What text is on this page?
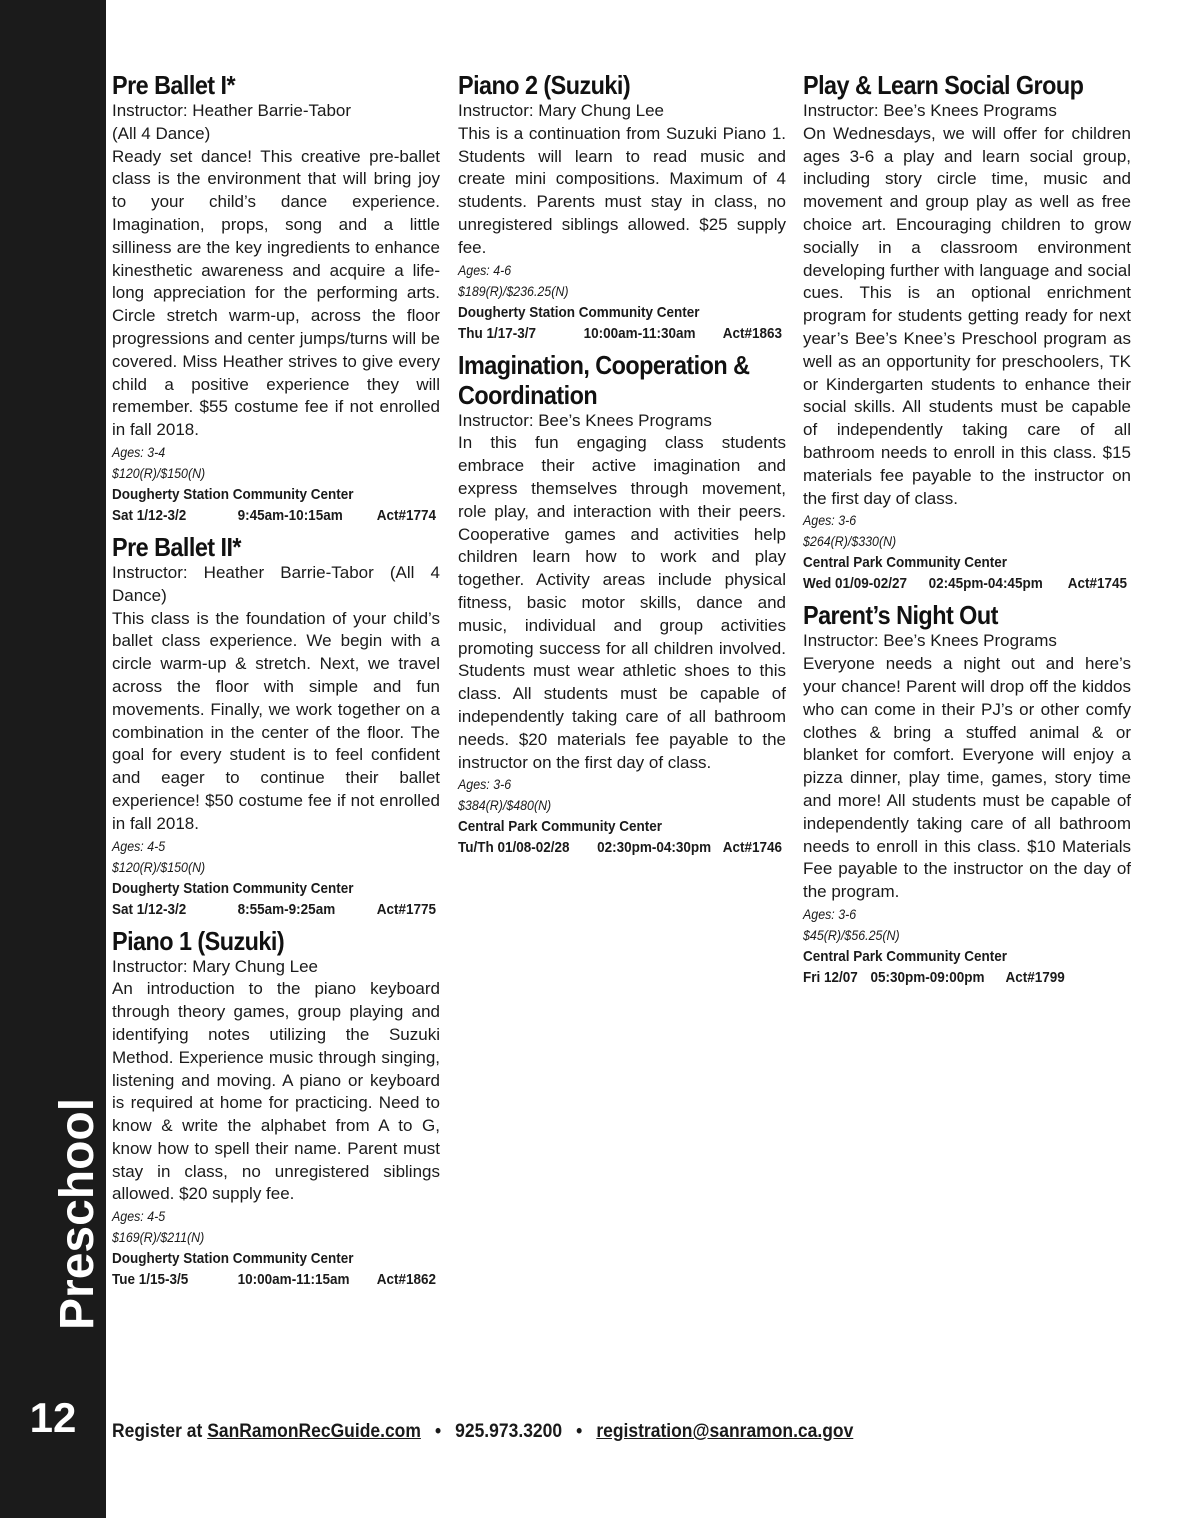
Preschool
12
Pre Ballet I*
Instructor: Heather Barrie-Tabor
(All 4 Dance)

Ready set dance! This creative pre-ballet class is the environment that will bring joy to your child’s dance experience. Imagination, props, song and a little silliness are the key ingredients to enhance kinesthetic awareness and acquire a life-long appreciation for the performing arts. Circle stretch warm-up, across the floor progressions and center jumps/turns will be covered. Miss Heather strives to give every child a positive experience they will remember. $55 costume fee if not enrolled in fall 2018.

Ages: 3-4
$120(R)/$150(N)
Dougherty Station Community Center
Sat 1/12-3/2	9:45am-10:15am	Act#1774
Pre Ballet II*

Instructor: Heather Barrie-Tabor (All 4 Dance)

This class is the foundation of your child’s ballet class experience. We begin with a circle warm-up & stretch. Next, we travel across the floor with simple and fun movements. Finally, we work together on a combination in the center of the floor. The goal for every student is to feel confident and eager to continue their ballet experience! $50 costume fee if not enrolled in fall 2018.

Ages: 4-5
$120(R)/$150(N)
Dougherty Station Community Center
Sat 1/12-3/2	8:55am-9:25am	Act#1775
Piano 1 (Suzuki)
Instructor: Mary Chung Lee

An introduction to the piano keyboard through theory games, group playing and identifying notes utilizing the Suzuki Method. Experience music through singing, listening and moving. A piano or keyboard is required at home for practicing. Need to know & write the alphabet from A to G, know how to spell their name. Parent must stay in class, no unregistered siblings allowed. $20 supply fee.

Ages: 4-5
$169(R)/$211(N)
Dougherty Station Community Center
Tue 1/15-3/5	10:00am-11:15am	Act#1862
Piano 2 (Suzuki)
Instructor: Mary Chung Lee

This is a continuation from Suzuki Piano 1. Students will learn to read music and create mini compositions. Maximum of 4 students. Parents must stay in class, no unregistered siblings allowed. $25 supply fee.

Ages: 4-6
$189(R)/$236.25(N)
Dougherty Station Community Center
Thu 1/17-3/7	10:00am-11:30am	Act#1863
Imagination, Cooperation & Coordination
Instructor: Bee’s Knees Programs

In this fun engaging class students embrace their active imagination and express themselves through movement, role play, and interaction with their peers. Cooperative games and activities help children learn how to work and play together. Activity areas include physical fitness, basic motor skills, dance and music, individual and group activities promoting success for all children involved. Students must wear athletic shoes to this class. All students must be capable of independently taking care of all bathroom needs. $20 materials fee payable to the instructor on the first day of class.

Ages: 3-6
$384(R)/$480(N)
Central Park Community Center
Tu/Th 01/08-02/28	02:30pm-04:30pm Act#1746
Play & Learn Social Group
Instructor: Bee’s Knees Programs

On Wednesdays, we will offer for children ages 3-6 a play and learn social group, including story circle time, music and movement and group play as well as free choice art. Encouraging children to grow socially in a classroom environment developing further with language and social cues. This is an optional enrichment program for students getting ready for next year’s Bee’s Knee’s Preschool program as well as an opportunity for preschoolers, TK or Kindergarten students to enhance their social skills. All students must be capable of independently taking care of all bathroom needs to enroll in this class. $15 materials fee payable to the instructor on the first day of class.

Ages: 3-6
$264(R)/$330(N)
Central Park Community Center
Wed 01/09-02/27	02:45pm-04:45pm	Act#1745
Parent’s Night Out
Instructor: Bee’s Knees Programs

Everyone needs a night out and here’s your chance! Parent will drop off the kiddos who can come in their PJ’s or other comfy clothes & bring a stuffed animal & or blanket for comfort. Everyone will enjoy a pizza dinner, play time, games, story time and more! All students must be capable of independently taking care of all bathroom needs to enroll in this class. $10 Materials Fee payable to the instructor on the day of the program.

Ages: 3-6
$45(R)/$56.25(N)
Central Park Community Center
Fri 12/07 05:30pm-09:00pm	Act#1799
Register at SanRamonRecGuide.com • 925.973.3200 • registration@sanramon.ca.gov
